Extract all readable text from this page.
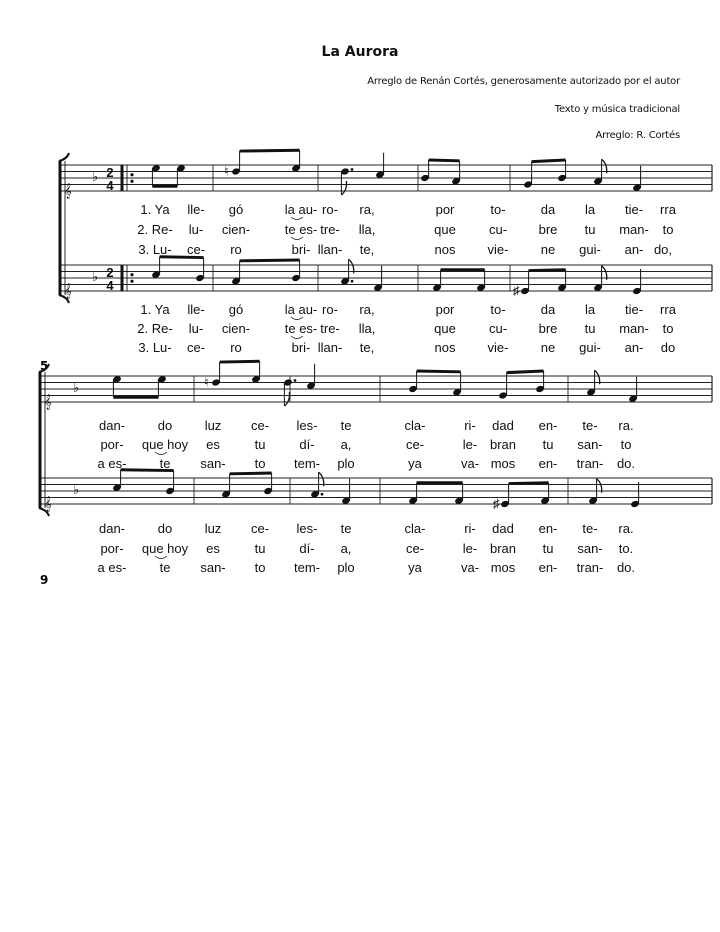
La Aurora
Arreglo de Renán Cortés, generosamente autorizado por el autor
Texto y música tradicional
Arreglo: R. Cortés
𝄞
♭ 2
4
𝄞
♭ 2
4
♮
♯
1. Ya lle- gó	la au- ro- ra,	por	to-	da la tie- rra
2. Re- lu- cien-	te es- tre- lla,	que	cu- bre tu man- to
3. Lu- ce- ro	bri- llan- te,	nos vie- ne gui- an- do,
1. Ya lle- gó	la au- ro- ra,	por	to-	da la tie- rra
2. Re- lu- cien-	te es- tre- lla,	que	cu- bre tu man- to
3. Lu- ce- ro	bri- llan- te,	nos vie- ne gui- an- do
5
𝄞
♭
𝄞
♭
♮
♯
dan-	do luz ce- les- te	cla-	ri- dad en- te- ra.
por- que hoy es	tu	dí- a,	ce-	le- bran tu san- to
a es-	te san- to tem- plo	ya	va- mos en- tran- do.
dan-	do luz ce- les- te	cla-	ri- dad en- te- ra.
por- que hoy es	tu	dí- a,	ce-	le- bran tu san- to.
a es-	te san- to tem- plo	ya	va- mos en- tran- do.
9
